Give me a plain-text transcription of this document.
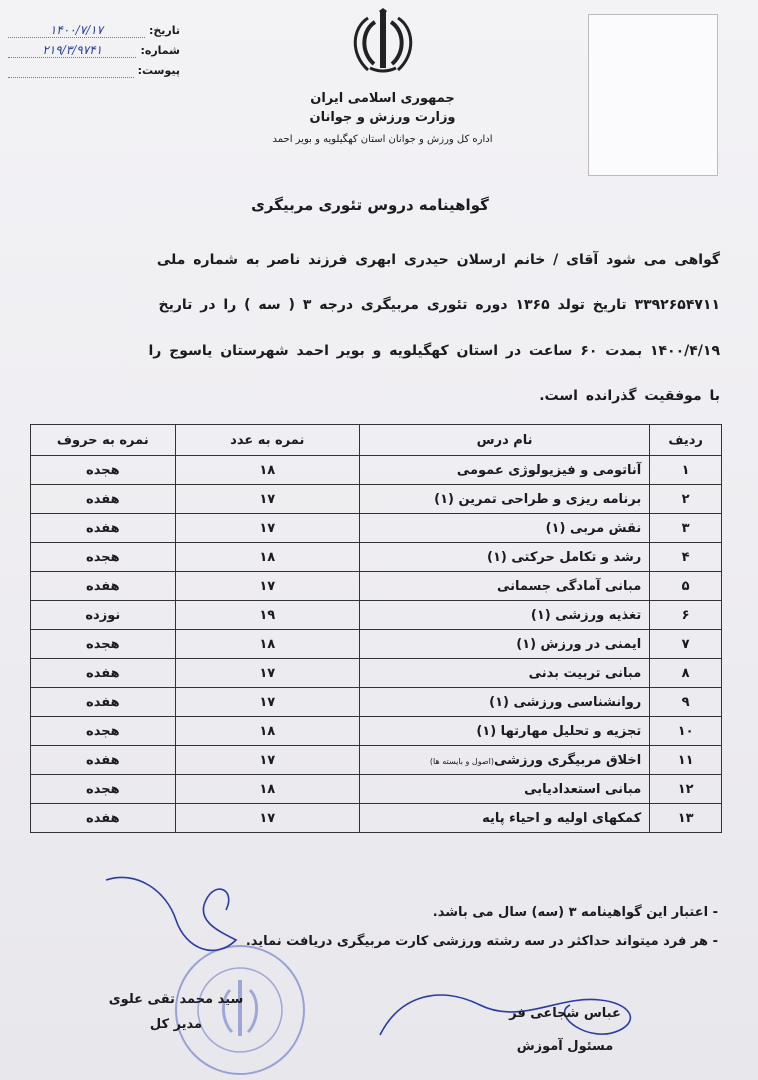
تاریخ:
۱۴۰۰/۷/۱۷
شماره:
۲۱۹/۳/۹۷۴۱
پیوست:
جمهوری اسلامی ایران
وزارت ورزش و جوانان
اداره کل ورزش و جوانان استان کهگیلویه و بویر احمد
گواهینامه دروس تئوری مربیگری
گواهی می شود آقای / خانم ارسلان حیدری ابهری فرزند ناصر به شماره ملی
۳۳۹۲۶۵۴۷۱۱ تاریخ تولد ۱۳۶۵ دوره تئوری مربیگری درجه ۳ ( سه ) را در تاریخ
۱۴۰۰/۴/۱۹ بمدت ۶۰ ساعت در استان کهگیلویه و بویر احمد شهرستان یاسوج را
با موفقیت گذرانده است.
ردیف	نام درس	نمره به عدد	نمره به حروف
۱	آناتومی و فیزیولوژی عمومی	۱۸	هجده
۲	برنامه ریزی و طراحی تمرین (۱)	۱۷	هفده
۳	نقش مربی (۱)	۱۷	هفده
۴	رشد و تکامل حرکتی (۱)	۱۸	هجده
۵	مبانی آمادگی جسمانی	۱۷	هفده
۶	تغذیه ورزشی (۱)	۱۹	نوزده
۷	ایمنی در ورزش (۱)	۱۸	هجده
۸	مبانی تربیت بدنی	۱۷	هفده
۹	روانشناسی ورزشی (۱)	۱۷	هفده
۱۰	تجزیه و تحلیل مهارتها (۱)	۱۸	هجده
۱۱	اخلاق مربیگری ورزشی(اصول و بایسته ها)	۱۷	هفده
۱۲	مبانی استعدادیابی	۱۸	هجده
۱۳	کمکهای اولیه و احیاء پایه	۱۷	هفده
- اعتبار این گواهینامه ۳ (سه) سال می باشد.
- هر فرد میتواند حداکثر در سه رشته ورزشی کارت مربیگری دریافت نماید.
سید محمد تقی علوی
مدیر کل
عباس شجاعی فر
مسئول آموزش
